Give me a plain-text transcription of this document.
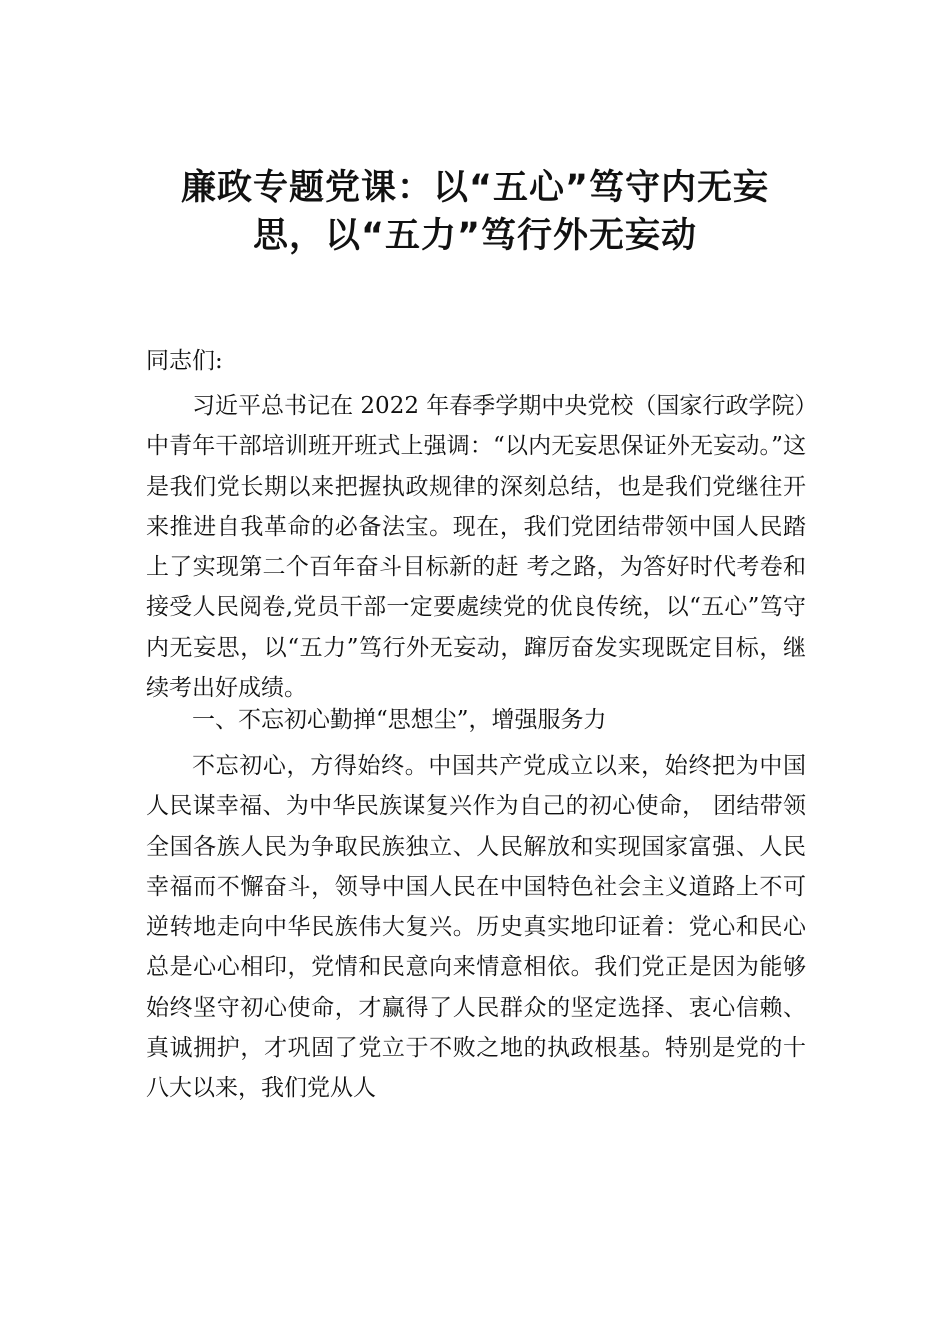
廉政专题党课：以“五心”笃守内无妄
思，以“五力”笃行外无妄动
同志们:
习近平总书记在 2022 年春季学期中央党校（国家行政学院）中青年干部培训班开班式上强调：“以内无妄思保证外无妄动。”这是我们党长期以来把握执政规律的深刻总结，也是我们党继往开来推进自我革命的必备法宝。现在，我们党团结带领中国人民踏上了实现第二个百年奋斗目标新的赶 考之路，为答好时代考卷和接受人民阅卷,党员干部一定要處续党的优良传统，以“五心”笃守内无妄思，以“五力”笃行外无妄动，蹿厉奋发实现既定目标，继续考出好成绩。
一、不忘初心勤掸“思想尘”，增强服务力
不忘初心，方得始终。中国共产党成立以来，始终把为中国人民谋幸福、为中华民族谋复兴作为自己的初心使命， 团结带领全国各族人民为争取民族独立、人民解放和实现国家富强、人民幸福而不懈奋斗，领导中国人民在中国特色社会主义道路上不可逆转地走向中华民族伟大复兴。历史真实地印证着：党心和民心总是心心相印，党情和民意向来情意相依。我们党正是因为能够始终坚守初心使命，才赢得了人民群众的坚定选择、衷心信赖、真诚拥护，才巩固了党立于不败之地的执政根基。特别是党的十八大以来，我们党从人
